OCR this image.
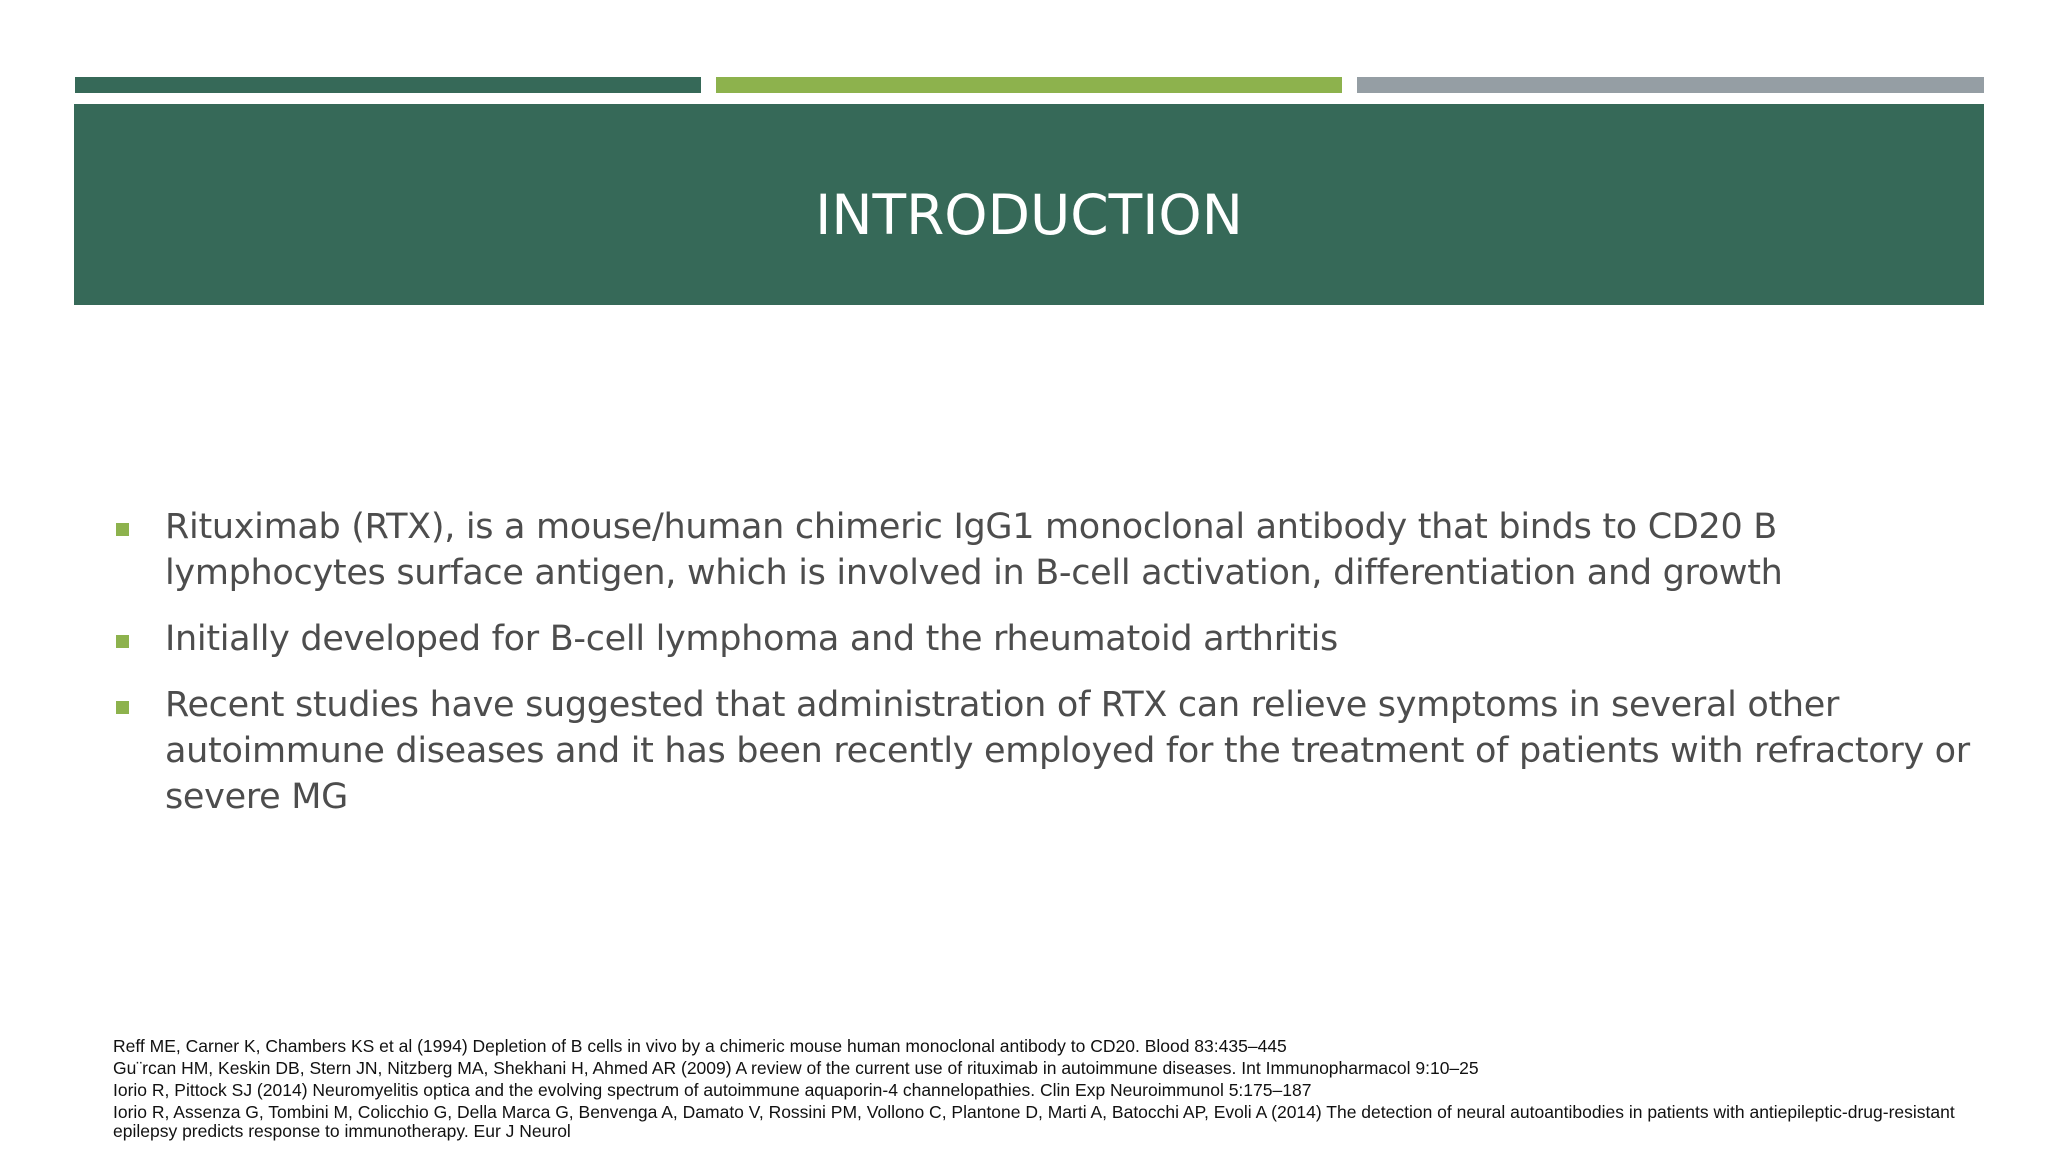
INTRODUCTION
Rituximab (RTX), is a mouse/human chimeric IgG1 monoclonal antibody that binds to CD20 B lymphocytes surface antigen, which is involved in B-cell activation, differentiation and growth
Initially developed for B-cell lymphoma and the rheumatoid arthritis
Recent studies have suggested that administration of RTX can relieve symptoms in several other autoimmune diseases and it has been recently employed for the treatment of patients with refractory or severe MG

Reff ME, Carner K, Chambers KS et al (1994) Depletion of B cells in vivo by a chimeric mouse human monoclonal antibody to CD20. Blood 83:435–445

Gu¨rcan HM, Keskin DB, Stern JN, Nitzberg MA, Shekhani H, Ahmed AR (2009) A review of the current use of rituximab in autoimmune diseases. Int Immunopharmacol 9:10–25

Iorio R, Pittock SJ (2014) Neuromyelitis optica and the evolving spectrum of autoimmune aquaporin-4 channelopathies. Clin Exp Neuroimmunol 5:175–187

Iorio R, Assenza G, Tombini M, Colicchio G, Della Marca G, Benvenga A, Damato V, Rossini PM, Vollono C, Plantone D, Marti A, Batocchi AP, Evoli A (2014) The detection of neural autoantibodies in patients with antiepileptic-drug-resistant epilepsy predicts response to immunotherapy. Eur J Neurol
